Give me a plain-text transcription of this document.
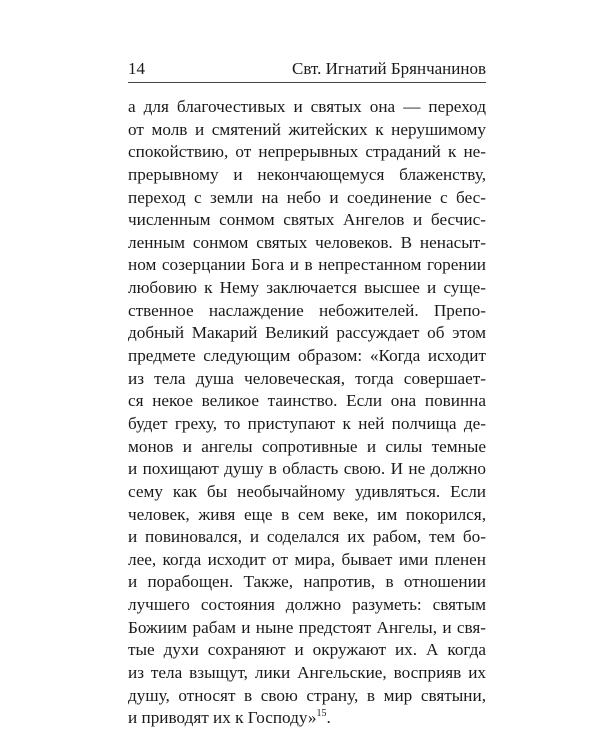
14	Свт. Игнатий Брянчанинов
а для благочестивых и святых она — переход
от молв и смятений житейских к нерушимому
спокойствию, от непрерывных страданий к не-
прерывному и некончающемуся блаженству,
переход с земли на небо и соединение с бес-
численным сонмом святых Ангелов и бесчис-
ленным сонмом святых человеков. В ненасыт-
ном созерцании Бога и в непрестанном горении
любовию к Нему заключается высшее и суще-
ственное наслаждение небожителей. Препо-
добный Макарий Великий рассуждает об этом
предмете следующим образом: «Когда исходит
из тела душа человеческая, тогда совершает-
ся некое великое таинство. Если она повинна
будет греху, то приступают к ней полчища де-
монов и ангелы сопротивные и силы темные
и похищают душу в область свою. И не должно
сему как бы необычайному удивляться. Если
человек, живя еще в сем веке, им покорился,
и повиновался, и соделался их рабом, тем бо-
лее, когда исходит от мира, бывает ими пленен
и порабощен. Также, напротив, в отношении
лучшего состояния должно разуметь: святым
Божиим рабам и ныне предстоят Ангелы, и свя-
тые духи сохраняют и окружают их. А когда
из тела взыщут, лики Ангельские, восприяв их
душу, относят в свою страну, в мир святыни,
и приводят их к Господу»$^{15}$.
